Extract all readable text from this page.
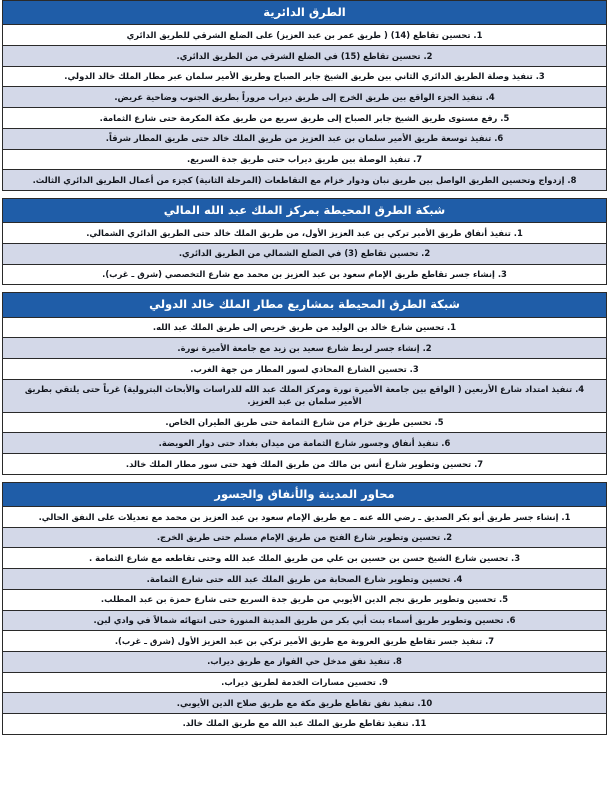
الطرق الدائرية
1. تحسين تقاطع (14) ( طريق عمر بن عبد العزيز) على الضلع الشرقي للطريق الدائري
2. تحسين تقاطع (15) في الضلع الشرقي من الطريق الدائري.
3. تنفيذ وصلة الطريق الدائري الثاني بين طريق الشيخ جابر الصباح وطريق الأمير سلمان عبر مطار الملك خالد الدولي.
4. تنفيذ الجزء الواقع بين طريق الخرج إلى طريق ديراب مروراً بطريق الجنوب وضاحية عريض.
5. رفع مستوى طريق الشيخ جابر الصباح إلى طريق سريع من طريق مكة المكرمة حتى شارع الثمامة.
6. تنفيذ توسعة طريق الأمير سلمان بن عبد العزيز من طريق الملك خالد حتى طريق المطار شرقاً.
7. تنفيذ الوصلة بين طريق ديراب حتى طريق جدة السريع.
8. إزدواج وتحسين الطريق الواصل بين طريق نبان ودوار خزام مع التقاطعات (المرحلة الثانية) كجزء من أعمال الطريق الدائري الثالث.
شبكة الطرق المحيطة بمركز الملك عبد الله المالي
1. تنفيذ أنفاق طريق الأمير تركي بن عبد العزيز الأول، من طريق الملك خالد حتى الطريق الدائري الشمالي.
2. تحسين تقاطع (3) في الضلع الشمالي من الطريق الدائري.
3. إنشاء جسر تقاطع طريق الإمام سعود بن عبد العزيز بن محمد مع شارع التخصصي (شرق ـ غرب).
شبكة الطرق المحيطة بمشاريع مطار الملك خالد الدولي
1. تحسين شارع خالد بن الوليد من طريق خريص إلى طريق الملك عبد الله.
2. إنشاء جسر لربط شارع سعيد بن زيد مع جامعة الأميرة نورة.
3. تحسين الشارع المحاذي لسور المطار من جهة الغرب.
4. تنفيذ امتداد شارع الأربعين ( الواقع بين جامعة الأميرة نورة ومركز الملك عبد الله للدراسات والأبحاث البترولية) غرباً حتى يلتقي بطريق الأمير سلمان بن عبد العزيز.
5. تحسين طريق خزام من شارع الثمامة حتى طريق الطيران الخاص.
6. تنفيذ أنفاق وجسور شارع الثمامة من ميدان بغداد حتى دوار العويضة.
7. تحسين وتطوير شارع أنس بن مالك من طريق الملك فهد حتى سور مطار الملك خالد.
محاور المدينة والأنفاق والجسور
1. إنشاء جسر طريق أبو بكر الصديق ـ رضي الله عنه ـ مع طريق الإمام سعود بن عبد العزيز بن محمد مع تعديلات على النفق الحالي.
2. تحسين وتطوير شارع الفتح من طريق الإمام مسلم حتى طريق الخرج.
3. تحسين شارع الشيخ حسن بن حسين بن علي من طريق الملك عبد الله وحتى تقاطعه مع شارع الثمامة .
4. تحسين وتطوير شارع الصحابة من طريق الملك عبد الله حتى شارع الثمامة.
5. تحسين وتطوير طريق نجم الدين الأيوبي من طريق جدة السريع حتى شارع حمزة بن عبد المطلب.
6. تحسين وتطوير طريق أسماء بنت أبي بكر من طريق المدينة المنورة حتى انتهائه شمالاً في وادي لبن.
7. تنفيذ جسر تقاطع طريق العروبة مع طريق الأمير تركي بن عبد العزيز الأول (شرق ـ غرب).
8. تنفيذ نفق مدخل حي الفواز مع طريق ديراب.
9. تحسين مسارات الخدمة لطريق ديراب.
10. تنفيذ نفق تقاطع طريق مكة مع طريق صلاح الدين الأيوبي.
11. تنفيذ تقاطع طريق الملك عبد الله مع طريق الملك خالد.
